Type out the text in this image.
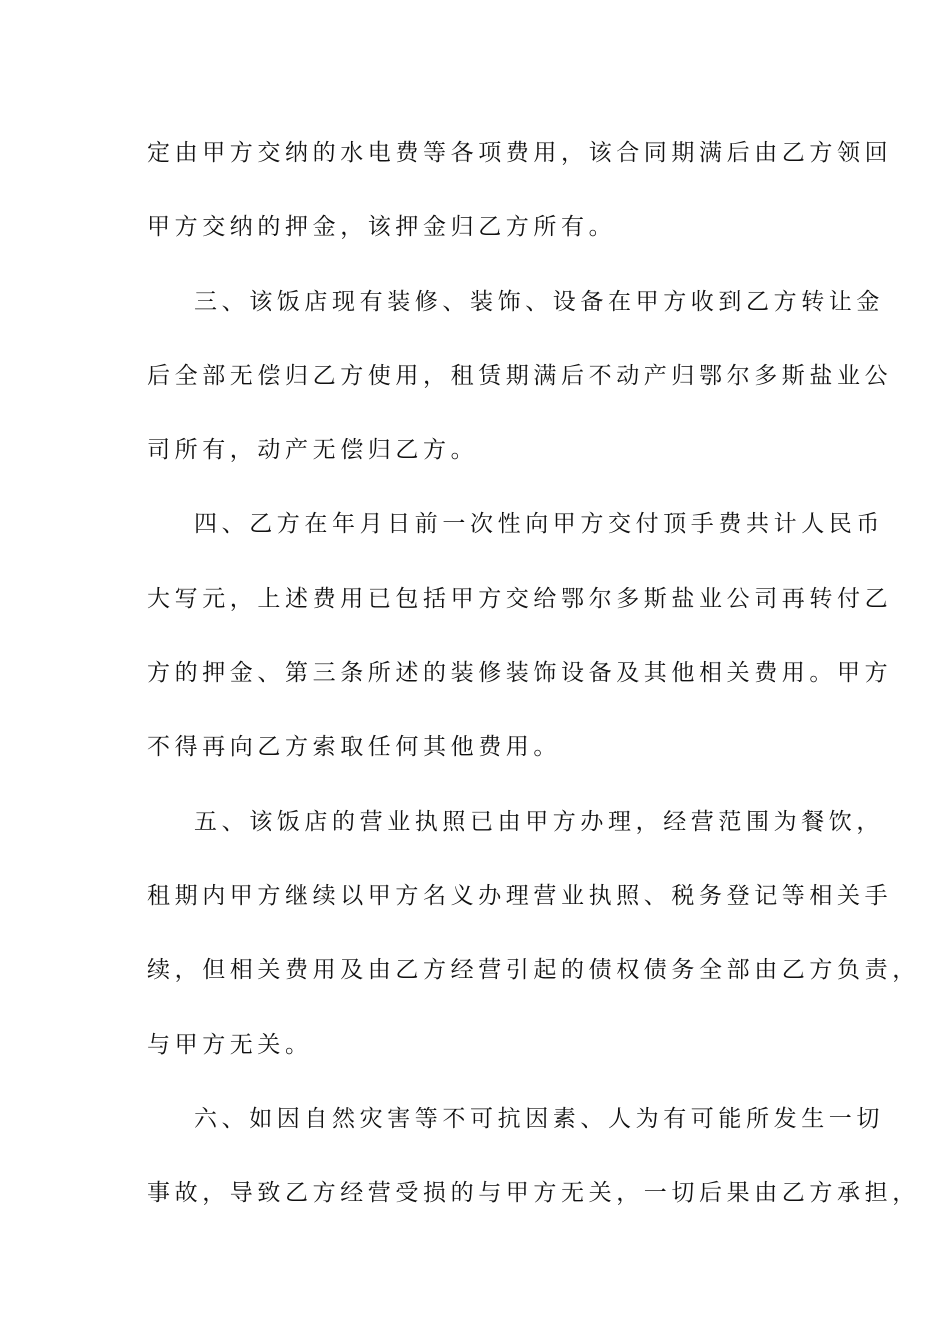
定由甲方交纳的水电费等各项费用，该合同期满后由乙方领回
甲方交纳的押金，该押金归乙方所有。
三、该饭店现有装修、装饰、设备在甲方收到乙方转让金
后全部无偿归乙方使用，租赁期满后不动产归鄂尔多斯盐业公
司所有，动产无偿归乙方。
四、乙方在年月日前一次性向甲方交付顶手费共计人民币
大写元，上述费用已包括甲方交给鄂尔多斯盐业公司再转付乙
方的押金、第三条所述的装修装饰设备及其他相关费用。甲方
不得再向乙方索取任何其他费用。
五、该饭店的营业执照已由甲方办理，经营范围为餐饮，
租期内甲方继续以甲方名义办理营业执照、税务登记等相关手
续，但相关费用及由乙方经营引起的债权债务全部由乙方负责，
与甲方无关。
六、如因自然灾害等不可抗因素、人为有可能所发生一切
事故，导致乙方经营受损的与甲方无关，一切后果由乙方承担，
